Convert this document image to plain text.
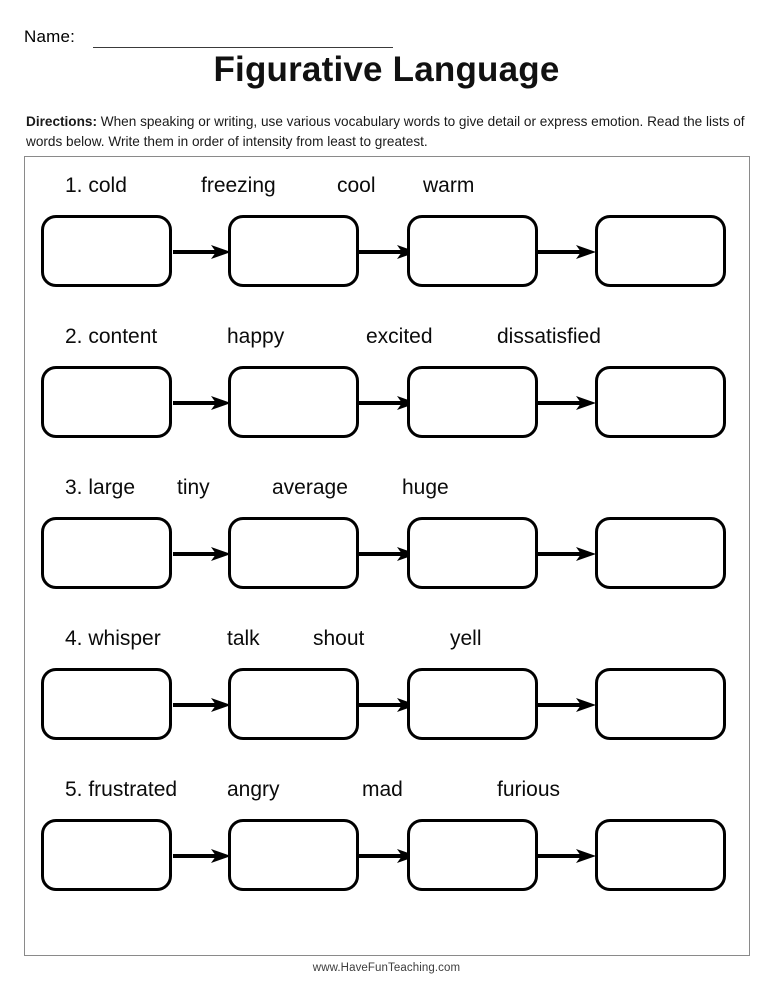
Name:
Figurative Language
Directions: When speaking or writing, use various vocabulary words to give detail or express emotion. Read the lists of words below. Write them in order of intensity from least to greatest.
1. cold	freezing	cool warm
2. content	happy	excited	dissatisfied
3. large tiny	average	huge
4. whisper	talk	shout	yell
5. frustrated angry	mad	furious
www.HaveFunTeaching.com
